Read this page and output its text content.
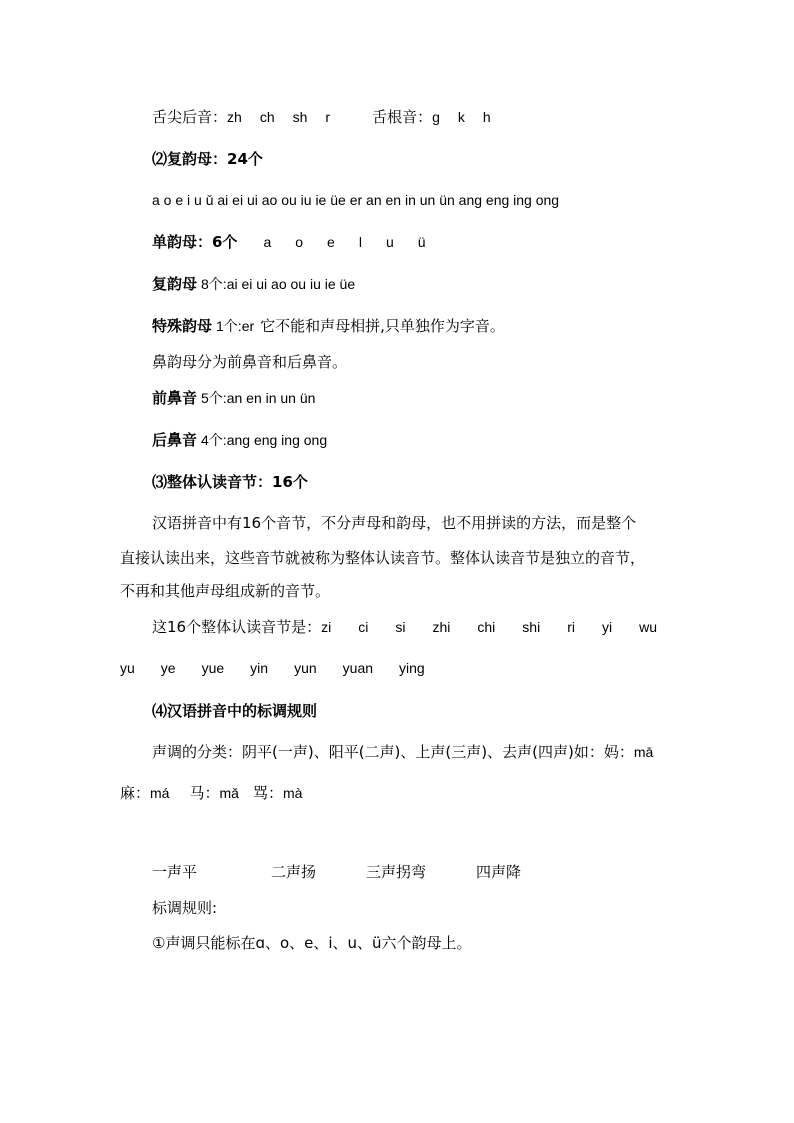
舌尖后音：zh ch sh r	舌根音：g k h
⑵复韵母：24个
a o e i u ǔ ai ei ui ao ou iu ie üe er an en in un ün ang eng ing ong
单韵母：6个 a o e l u ü
复韵母 8个:ai ei ui ao ou iu ie üe
特殊韵母 1个:er 它不能和声母相拼,只单独作为字音。
鼻韵母分为前鼻音和后鼻音。
前鼻音 5个:an en in un ün
后鼻音 4个:ang eng ing ong
⑶整体认读音节：16个
汉语拼音中有16个音节，不分声母和韵母，也不用拼读的方法，而是整个
直接认读出来，这些音节就被称为整体认读音节。整体认读音节是独立的音节，
不再和其他声母组成新的音节。
这16个整体认读音节是：zi ci si zhi chi shi ri yi wu
yu ye yue yin yun yuan ying
⑷汉语拼音中的标调规则
声调的分类：阴平(一声)、阳平(二声)、上声(三声)、去声(四声)如：妈：mā
麻：má 马：mǎ 骂：mà
一声平	二声扬	三声拐弯	四声降
标调规则:
①声调只能标在ɑ、o、e、i、u、ü六个韵母上。
